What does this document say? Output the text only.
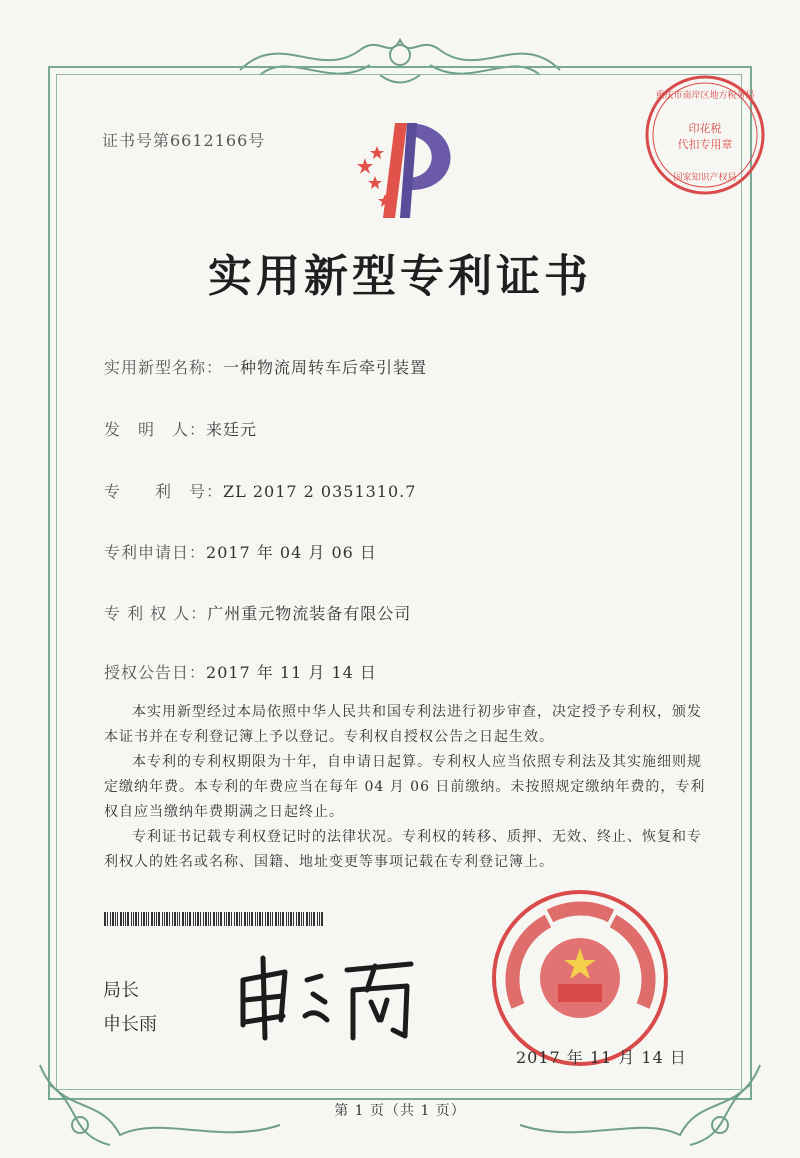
证书号第6612166号
印花税
代扣专用章
重庆市南岸区地方税务局
国家知识产权局
实用新型专利证书
实用新型名称：一种物流周转车后牵引装置
发　明　人：来廷元
专　　利　号：ZL 2017 2 0351310.7
专利申请日：2017 年 04 月 06 日
专 利 权 人：广州重元物流装备有限公司
授权公告日：2017 年 11 月 14 日

本实用新型经过本局依照中华人民共和国专利法进行初步审查，决定授予专利权，颁发本证书并在专利登记簿上予以登记。专利权自授权公告之日起生效。

本专利的专利权期限为十年，自申请日起算。专利权人应当依照专利法及其实施细则规定缴纳年费。本专利的年费应当在每年 04 月 06 日前缴纳。未按照规定缴纳年费的，专利权自应当缴纳年费期满之日起终止。

专利证书记载专利权登记时的法律状况。专利权的转移、质押、无效、终止、恢复和专利权人的姓名或名称、国籍、地址变更等事项记载在专利登记簿上。

局长
申长雨
2017 年 11 月 14 日
第 1 页（共 1 页）
